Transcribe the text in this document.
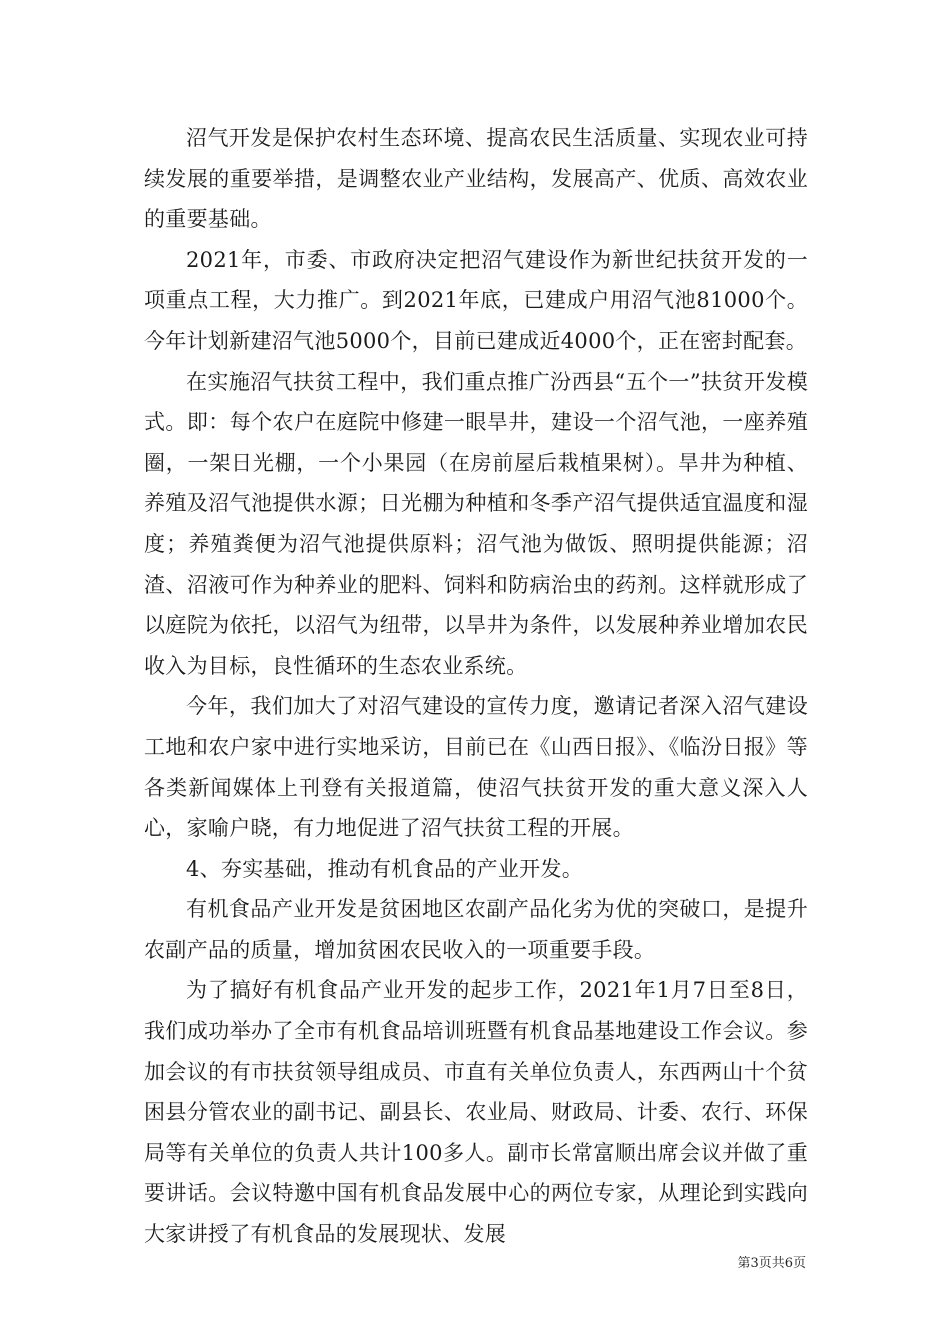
沼气开发是保护农村生态环境、提高农民生活质量、实现农业可持续发展的重要举措，是调整农业产业结构，发展高产、优质、高效农业的重要基础。

2021年，市委、市政府决定把沼气建设作为新世纪扶贫开发的一项重点工程，大力推广。到2021年底，已建成户用沼气池81000个。今年计划新建沼气池5000个，目前已建成近4000个，正在密封配套。

在实施沼气扶贫工程中，我们重点推广汾西县“五个一”扶贫开发模式。即：每个农户在庭院中修建一眼旱井，建设一个沼气池，一座养殖圈，一架日光棚，一个小果园（在房前屋后栽植果树）。旱井为种植、养殖及沼气池提供水源；日光棚为种植和冬季产沼气提供适宜温度和湿度；养殖粪便为沼气池提供原料；沼气池为做饭、照明提供能源；沼渣、沼液可作为种养业的肥料、饲料和防病治虫的药剂。这样就形成了以庭院为依托，以沼气为纽带，以旱井为条件，以发展种养业增加农民收入为目标，良性循环的生态农业系统。

今年，我们加大了对沼气建设的宣传力度，邀请记者深入沼气建设工地和农户家中进行实地采访，目前已在《山西日报》、《临汾日报》等各类新闻媒体上刊登有关报道篇，使沼气扶贫开发的重大意义深入人心，家喻户晓，有力地促进了沼气扶贫工程的开展。

4、夯实基础，推动有机食品的产业开发。

有机食品产业开发是贫困地区农副产品化劣为优的突破口，是提升农副产品的质量，增加贫困农民收入的一项重要手段。

为了搞好有机食品产业开发的起步工作，2021年1月7日至8日，我们成功举办了全市有机食品培训班暨有机食品基地建设工作会议。参加会议的有市扶贫领导组成员、市直有关单位负责人，东西两山十个贫困县分管农业的副书记、副县长、农业局、财政局、计委、农行、环保局等有关单位的负责人共计100多人。副市长常富顺出席会议并做了重要讲话。会议特邀中国有机食品发展中心的两位专家，从理论到实践向大家讲授了有机食品的发展现状、发展

第3页共6页
